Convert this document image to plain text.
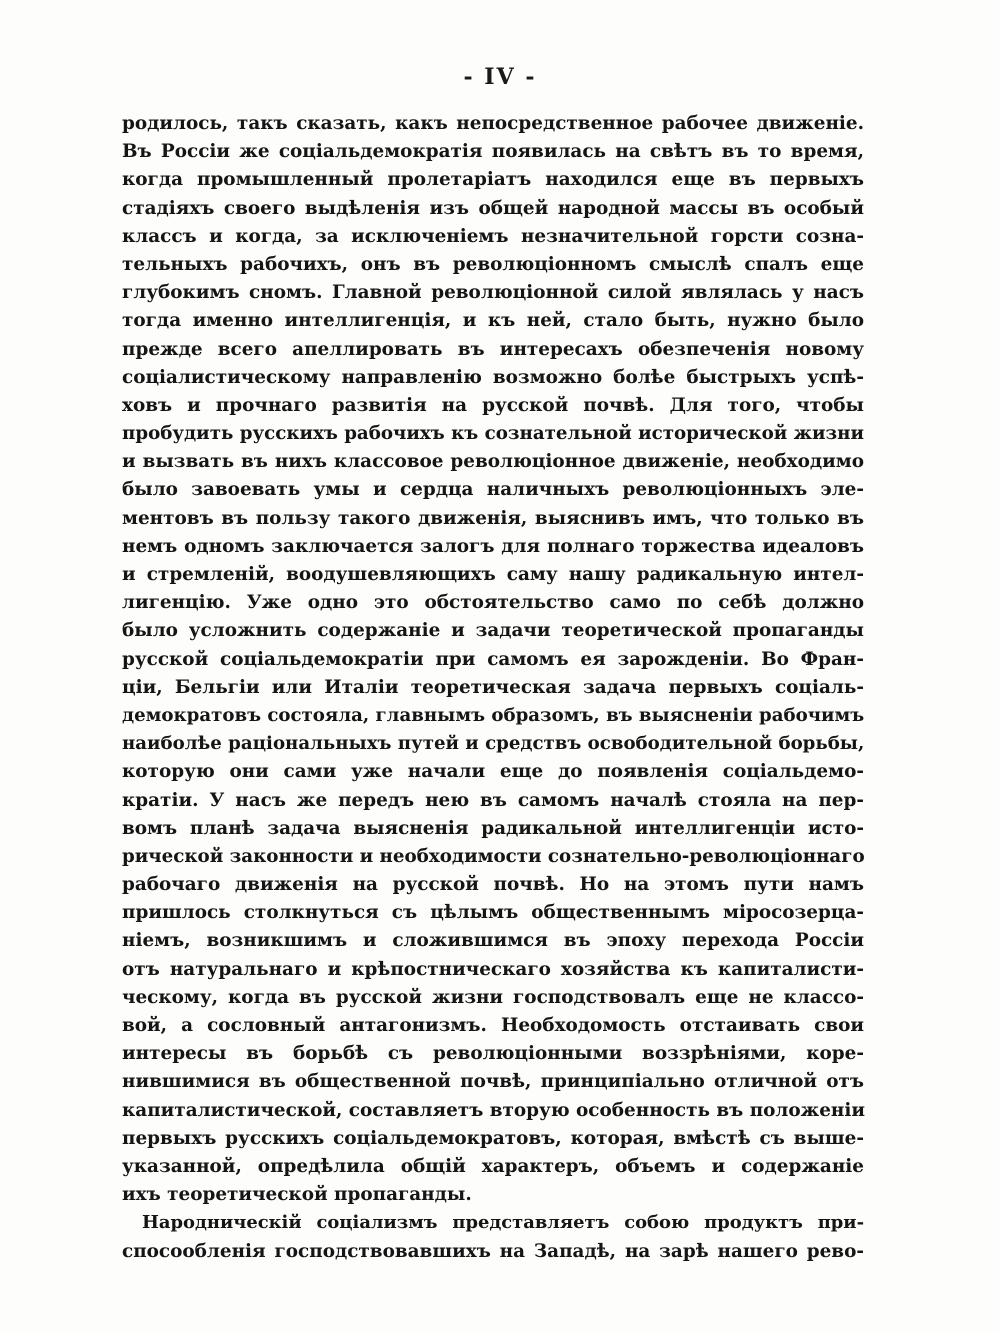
- IV -
родилось, такъ сказать, какъ непосредственное рабочее движеніе.
Въ Россіи же соціальдемократія появилась на свѣтъ въ то время,
когда промышленный пролетаріатъ находился еще въ первыхъ
стадіяхъ своего выдѣленія изъ общей народной массы въ особый
классъ и когда, за исключеніемъ незначительной горсти созна-
тельныхъ рабочихъ, онъ въ революціонномъ смыслѣ спалъ еще
глубокимъ сномъ. Главной революціонной силой являлась у насъ
тогда именно интеллигенція, и къ ней, стало быть, нужно было
прежде всего апеллировать въ интересахъ обезпеченія новому
соціалистическому направленію возможно болѣе быстрыхъ успѣ-
ховъ и прочнаго развитія на русской почвѣ. Для того, чтобы
пробудить русскихъ рабочихъ къ сознательной исторической жизни
и вызвать въ нихъ классовое революціонное движеніе, необходимо
было завоевать умы и сердца наличныхъ революціонныхъ эле-
ментовъ въ пользу такого движенія, выяснивъ имъ, что только въ
немъ одномъ заключается залогъ для полнаго торжества идеаловъ
и стремленій, воодушевляющихъ саму нашу радикальную интел-
лигенцію. Уже одно это обстоятельство само по себѣ должно
было усложнить содержаніе и задачи теоретической пропаганды
русской соціальдемократіи при самомъ ея зарожденіи. Во Фран-
ціи, Бельгіи или Италіи теоретическая задача первыхъ соціаль-
демократовъ состояла, главнымъ образомъ, въ выясненіи рабочимъ
наиболѣе раціональныхъ путей и средствъ освободительной борьбы,
которую они сами уже начали еще до появленія соціальдемо-
кратіи. У насъ же передъ нею въ самомъ началѣ стояла на пер-
вомъ планѣ задача выясненія радикальной интеллигенціи исто-
рической законности и необходимости сознательно-революціоннаго
рабочаго движенія на русской почвѣ. Но на этомъ пути намъ
пришлось столкнуться съ цѣлымъ общественнымъ міросозерца-
ніемъ, возникшимъ и сложившимся въ эпоху перехода Россіи
отъ натуральнаго и крѣпостническаго хозяйства къ капиталисти-
ческому, когда въ русской жизни господствовалъ еще не классо-
вой, а сословный антагонизмъ. Необходомость отстаивать свои
интересы въ борьбѣ съ революціонными воззрѣніями, коре-
нившимися въ общественной почвѣ, принципіально отличной отъ
капиталистической, составляетъ вторую особенность въ положеніи
первыхъ русскихъ соціальдемократовъ, которая, вмѣстѣ съ выше-
указанной, опредѣлила общій характеръ, объемъ и содержаніе
ихъ теоретической пропаганды.
Народническій соціализмъ представляетъ собою продуктъ при-
спосообленія господствовавшихъ на Западѣ, на зарѣ нашего рево-
